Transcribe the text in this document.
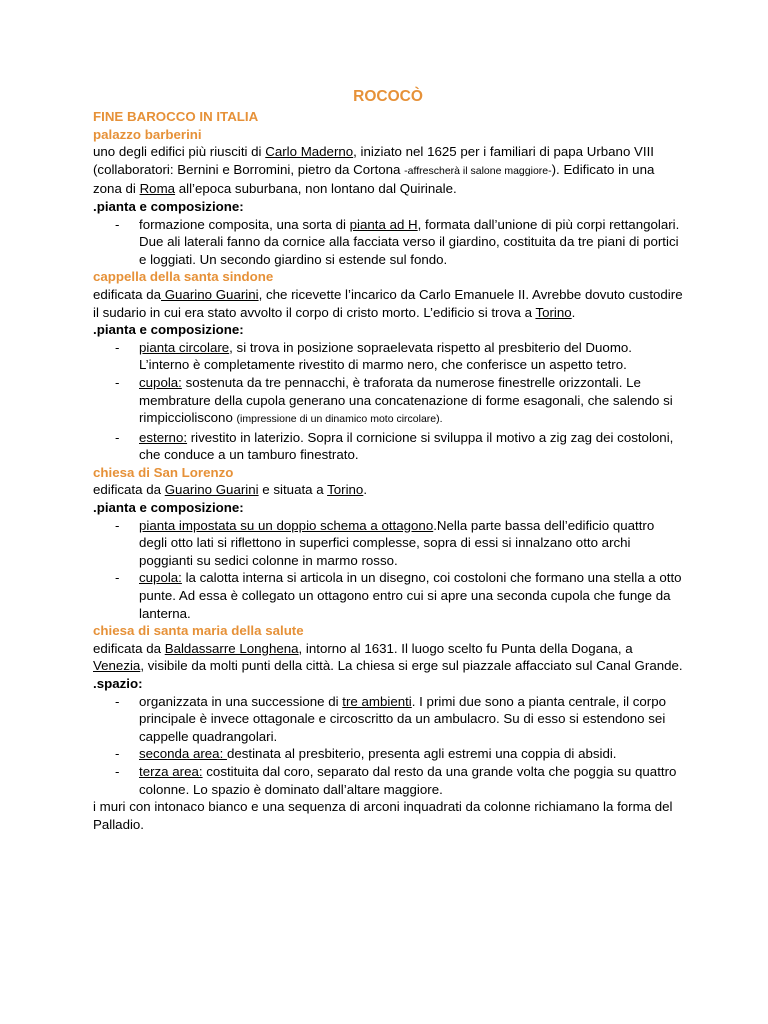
ROCOCÒ

FINE BAROCCO IN ITALIA

palazzo barberini

uno degli edifici più riusciti di Carlo Maderno, iniziato nel 1625 per i familiari di papa Urbano VIII (collaboratori: Bernini e Borromini, pietro da Cortona -affrescherà il salone maggiore-). Edificato in una zona di Roma all’epoca suburbana, non lontano dal Quirinale.

.pianta e composizione:

- formazione composita, una sorta di pianta ad H, formata dall’unione di più corpi rettangolari. Due ali laterali fanno da cornice alla facciata verso il giardino, costituita da tre piani di portici e loggiati. Un secondo giardino si estende sul fondo.

cappella della santa sindone

edificata da Guarino Guarini, che ricevette l’incarico da Carlo Emanuele II. Avrebbe dovuto custodire il sudario in cui era stato avvolto il corpo di cristo morto. L’edificio si trova a Torino.

.pianta e composizione:

- pianta circolare, si trova in posizione sopraelevata rispetto al presbiterio del Duomo. L’interno è completamente rivestito di marmo nero, che conferisce un aspetto tetro.
- cupola: sostenuta da tre pennacchi, è traforata da numerose finestrelle orizzontali. Le membrature della cupola generano una concatenazione di forme esagonali, che salendo si rimpicciolisconо (impressione di un dinamico moto circolare).
- esterno: rivestito in laterizio. Sopra il cornicione si sviluppa il motivo a zig zag dei costoloni, che conduce a un tamburo finestrato.

chiesa di San Lorenzo

edificata da Guarino Guarini e situata a Torino.

.pianta e composizione:

- pianta impostata su un doppio schema a ottagono.Nella parte bassa dell’edificio quattro degli otto lati si riflettono in superfici complesse, sopra di essi si innalzano otto archi poggianti su sedici colonne in marmo rosso.
- cupola: la calotta interna si articola in un disegno, coi costoloni che formano una stella a otto punte. Ad essa è collegato un ottagono entro cui si apre una seconda cupola che funge da lanterna.

chiesa di santa maria della salute

edificata da Baldassarre Longhena, intorno al 1631. Il luogo scelto fu Punta della Dogana, a Venezia, visibile da molti punti della città. La chiesa si erge sul piazzale affacciato sul Canal Grande.

.spazio:

- organizzata in una successione di tre ambienti. I primi due sono a pianta centrale, il corpo principale è invece ottagonale e circoscritto da un ambulacro. Su di esso si estendono sei cappelle quadrangolari.
- seconda area: destinata al presbiterio, presenta agli estremi una coppia di absidi.
- terza area: costituita dal coro, separato dal resto da una grande volta che poggia su quattro colonne. Lo spazio è dominato dall’altare maggiore.

i muri con intonaco bianco e una sequenza di arconi inquadrati da colonne richiamano la forma del Palladio.
